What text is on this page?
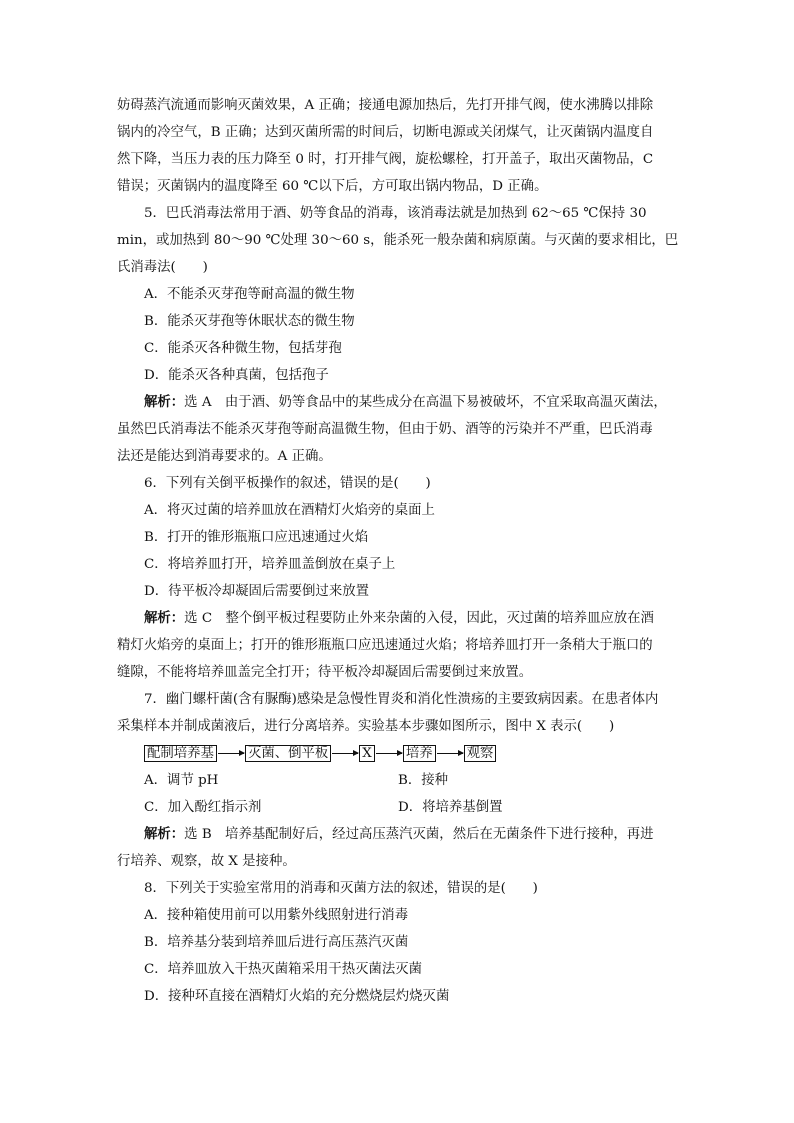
妨碍蒸汽流通而影响灭菌效果，A 正确；接通电源加热后，先打开排气阀，使水沸腾以排除
锅内的冷空气，B 正确；达到灭菌所需的时间后，切断电源或关闭煤气，让灭菌锅内温度自
然下降，当压力表的压力降至 0 时，打开排气阀，旋松螺栓，打开盖子，取出灭菌物品，C
错误；灭菌锅内的温度降至 60 ℃以下后，方可取出锅内物品，D 正确。
5．巴氏消毒法常用于酒、奶等食品的消毒，该消毒法就是加热到 62～65 ℃保持 30
min，或加热到 80～90 ℃处理 30～60 s，能杀死一般杂菌和病原菌。与灭菌的要求相比，巴
氏消毒法(　　)
A．不能杀灭芽孢等耐高温的微生物
B．能杀灭芽孢等休眠状态的微生物
C．能杀灭各种微生物，包括芽孢
D．能杀灭各种真菌，包括孢子
解析：选 A　由于酒、奶等食品中的某些成分在高温下易被破坏，不宜采取高温灭菌法，
虽然巴氏消毒法不能杀灭芽孢等耐高温微生物，但由于奶、酒等的污染并不严重，巴氏消毒
法还是能达到消毒要求的。A 正确。
6．下列有关倒平板操作的叙述，错误的是(　　)
A．将灭过菌的培养皿放在酒精灯火焰旁的桌面上
B．打开的锥形瓶瓶口应迅速通过火焰
C．将培养皿打开，培养皿盖倒放在桌子上
D．待平板冷却凝固后需要倒过来放置
解析：选 C　整个倒平板过程要防止外来杂菌的入侵，因此，灭过菌的培养皿应放在酒
精灯火焰旁的桌面上；打开的锥形瓶瓶口应迅速通过火焰；将培养皿打开一条稍大于瓶口的
缝隙，不能将培养皿盖完全打开；待平板冷却凝固后需要倒过来放置。
7．幽门螺杆菌(含有脲酶)感染是急慢性胃炎和消化性溃疡的主要致病因素。在患者体内
采集样本并制成菌液后，进行分离培养。实验基本步骤如图所示，图中 X 表示(　　)
配制培养基	灭菌、倒平板	X	培养	观察
A．调节 pH	B．接种
C．加入酚红指示剂	D．将培养基倒置
解析：选 B　培养基配制好后，经过高压蒸汽灭菌，然后在无菌条件下进行接种，再进
行培养、观察，故 X 是接种。
8．下列关于实验室常用的消毒和灭菌方法的叙述，错误的是(　　)
A．接种箱使用前可以用紫外线照射进行消毒
B．培养基分装到培养皿后进行高压蒸汽灭菌
C．培养皿放入干热灭菌箱采用干热灭菌法灭菌
D．接种环直接在酒精灯火焰的充分燃烧层灼烧灭菌
